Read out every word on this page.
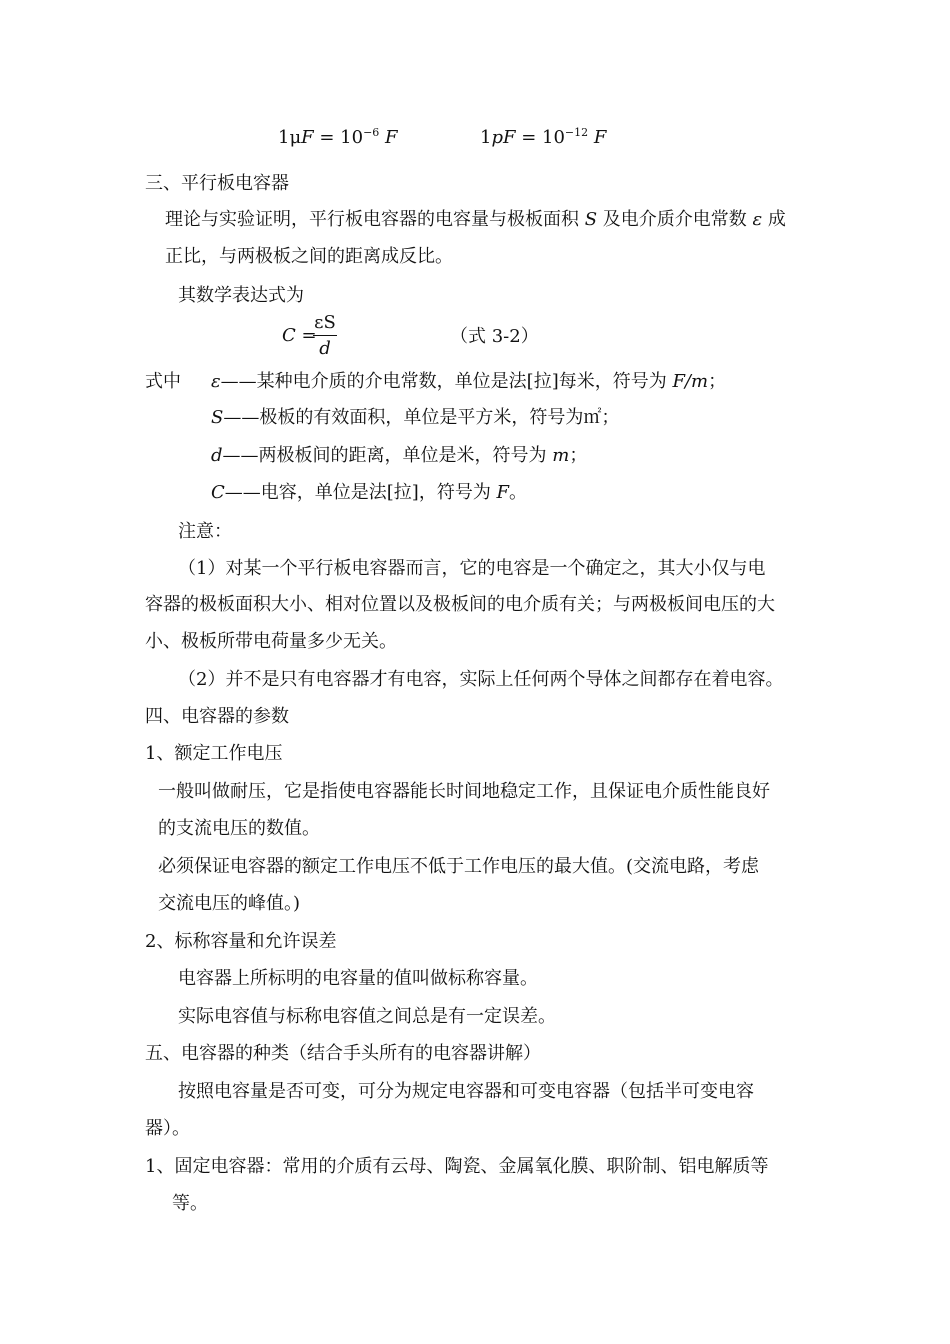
$1\mu F = 10^{-6}$ F	$1pF = 10^{-12}$ F
三、平行板电容器
理论与实验证明，平行板电容器的电容量与极板面积 S 及电介质介电常数 ε 成
正比，与两极板之间的距离成反比。
其数学表达式为
C =
εS
d
（式 3-2）
式中 ε——某种电介质的介电常数，单位是法[拉]每米，符号为 F/m；
S——极板的有效面积，单位是平方米，符号为㎡；
d——两极板间的距离，单位是米，符号为 m；
C——电容，单位是法[拉]，符号为 F。
注意：
（1）对某一个平行板电容器而言，它的电容是一个确定之，其大小仅与电
容器的极板面积大小、相对位置以及极板间的电介质有关；与两极板间电压的大
小、极板所带电荷量多少无关。
（2）并不是只有电容器才有电容，实际上任何两个导体之间都存在着电容。
四、电容器的参数
1、额定工作电压
一般叫做耐压，它是指使电容器能长时间地稳定工作，且保证电介质性能良好
的支流电压的数值。
必须保证电容器的额定工作电压不低于工作电压的最大值。(交流电路，考虑
交流电压的峰值。)
2、标称容量和允许误差
电容器上所标明的电容量的值叫做标称容量。
实际电容值与标称电容值之间总是有一定误差。
五、电容器的种类（结合手头所有的电容器讲解）
按照电容量是否可变，可分为规定电容器和可变电容器（包括半可变电容
器）。
1、固定电容器：常用的介质有云母、陶瓷、金属氧化膜、职阶制、铝电解质等
等。
